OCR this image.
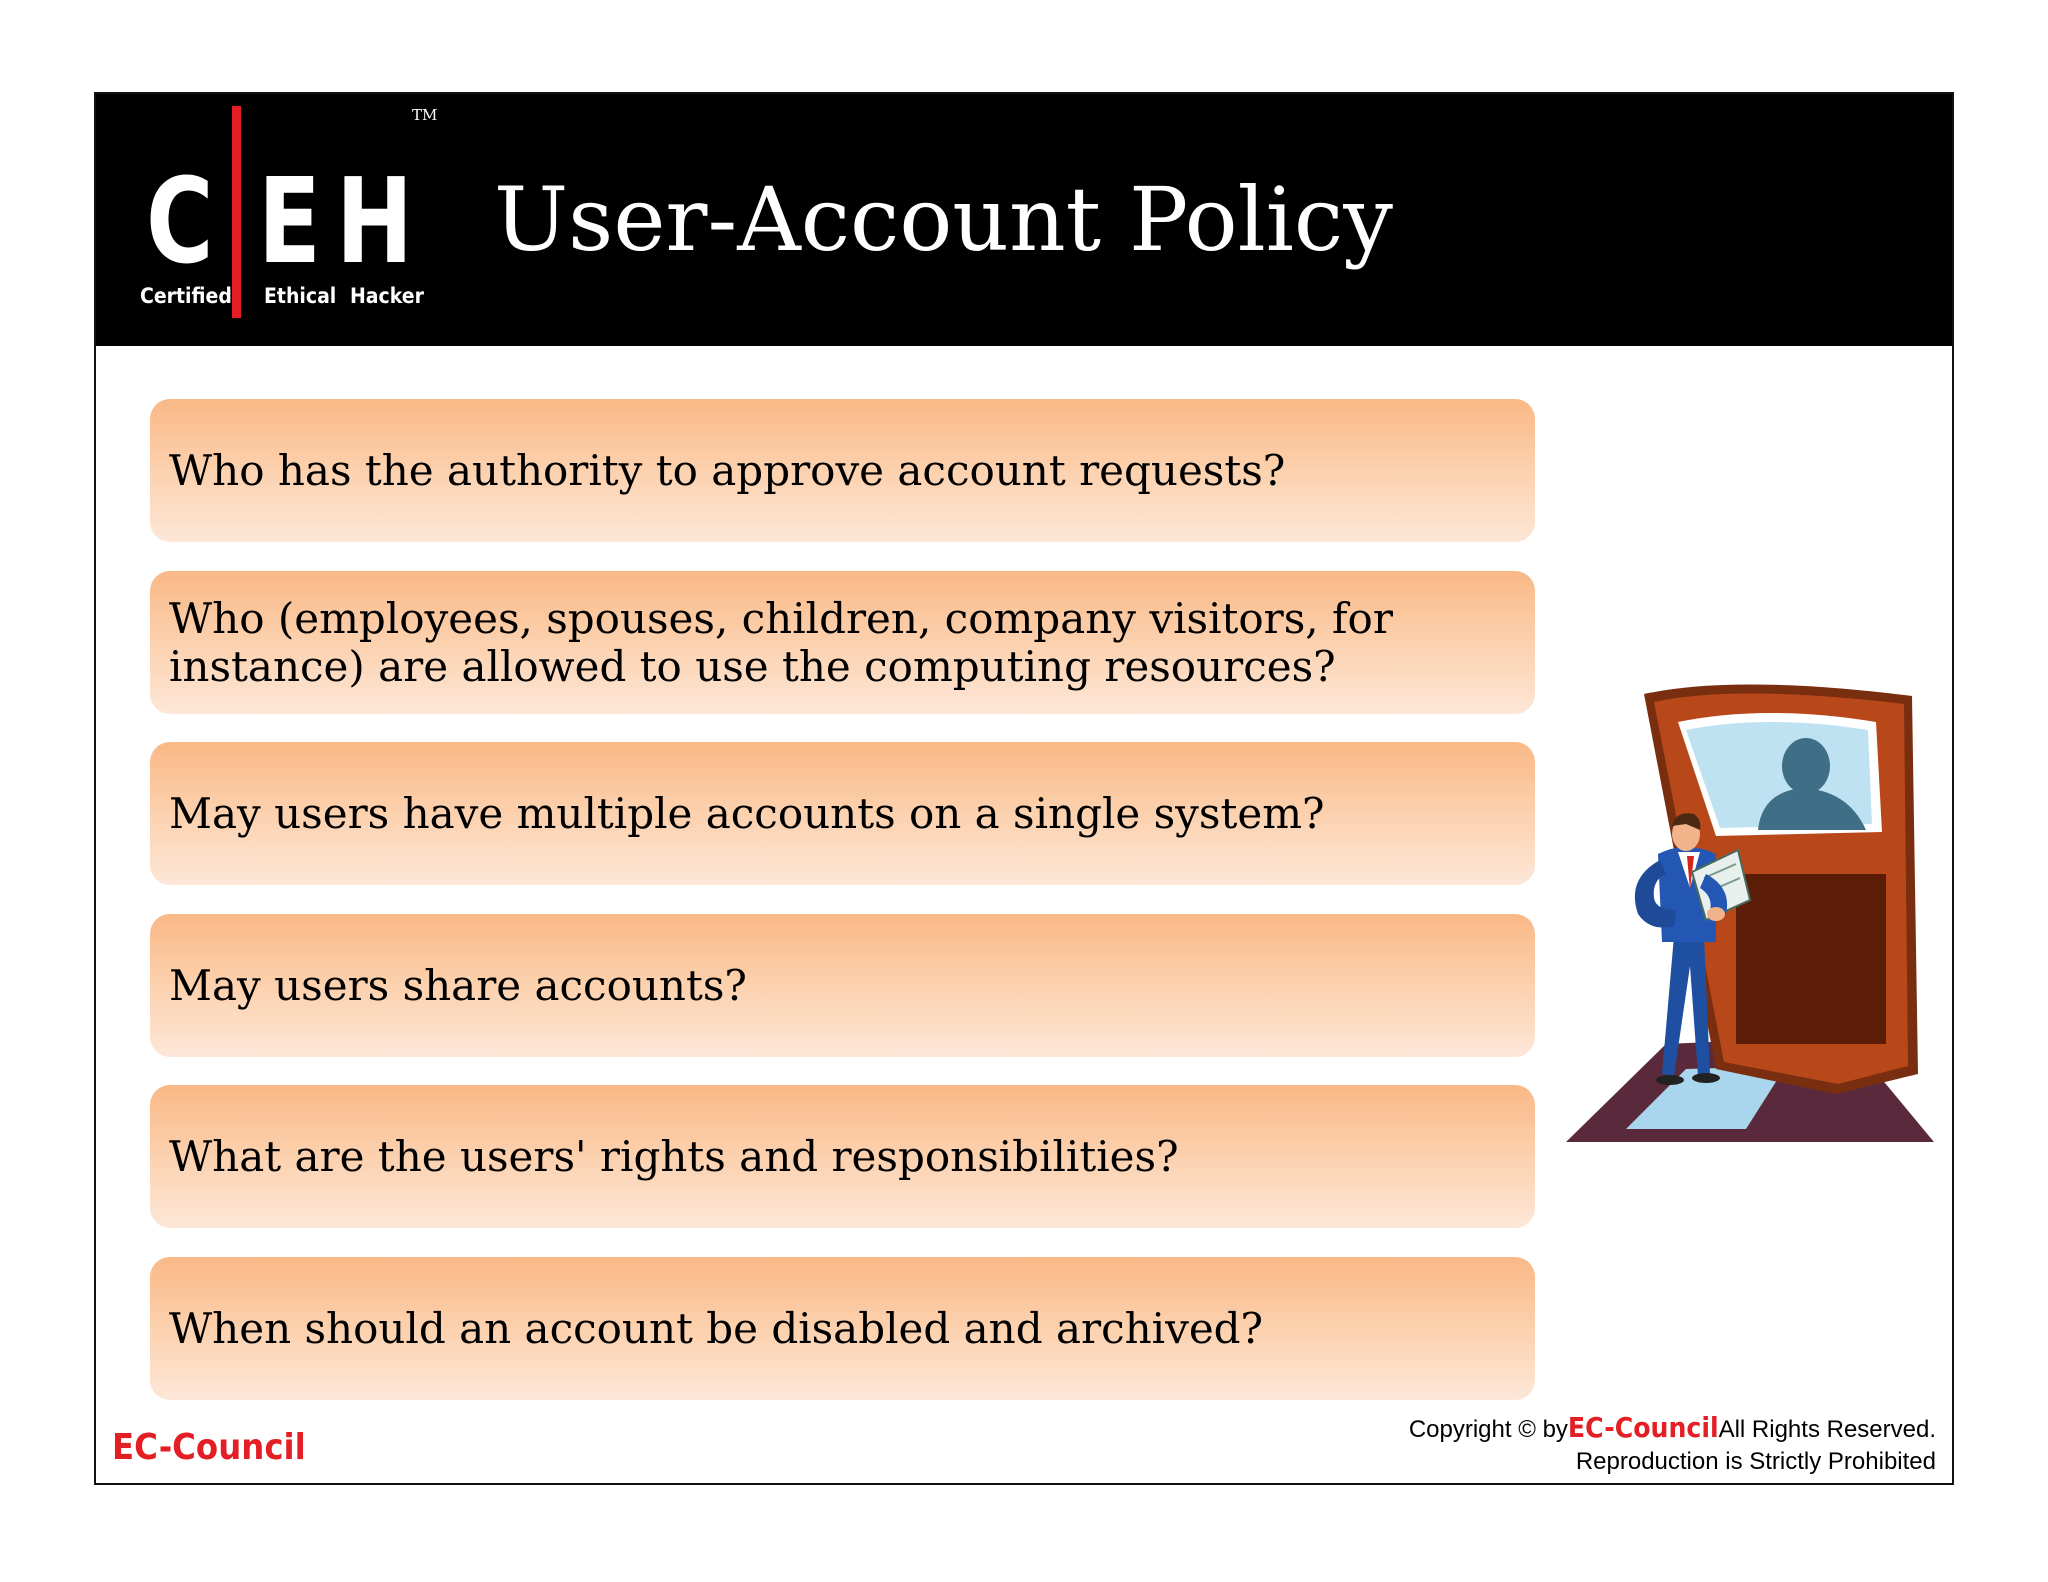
C E H
TM
Certified Ethical Hacker
User-Account Policy
Who has the authority to approve account requests?
Who (employees, spouses, children, company visitors, for instance) are allowed to use the computing resources?
May users have multiple accounts on a single system?
May users share accounts?
What are the users' rights and responsibilities?
When should an account be disabled and archived?
EC-Council	Copyright © byEC-CouncilAll Rights Reserved.
Reproduction is Strictly Prohibited
